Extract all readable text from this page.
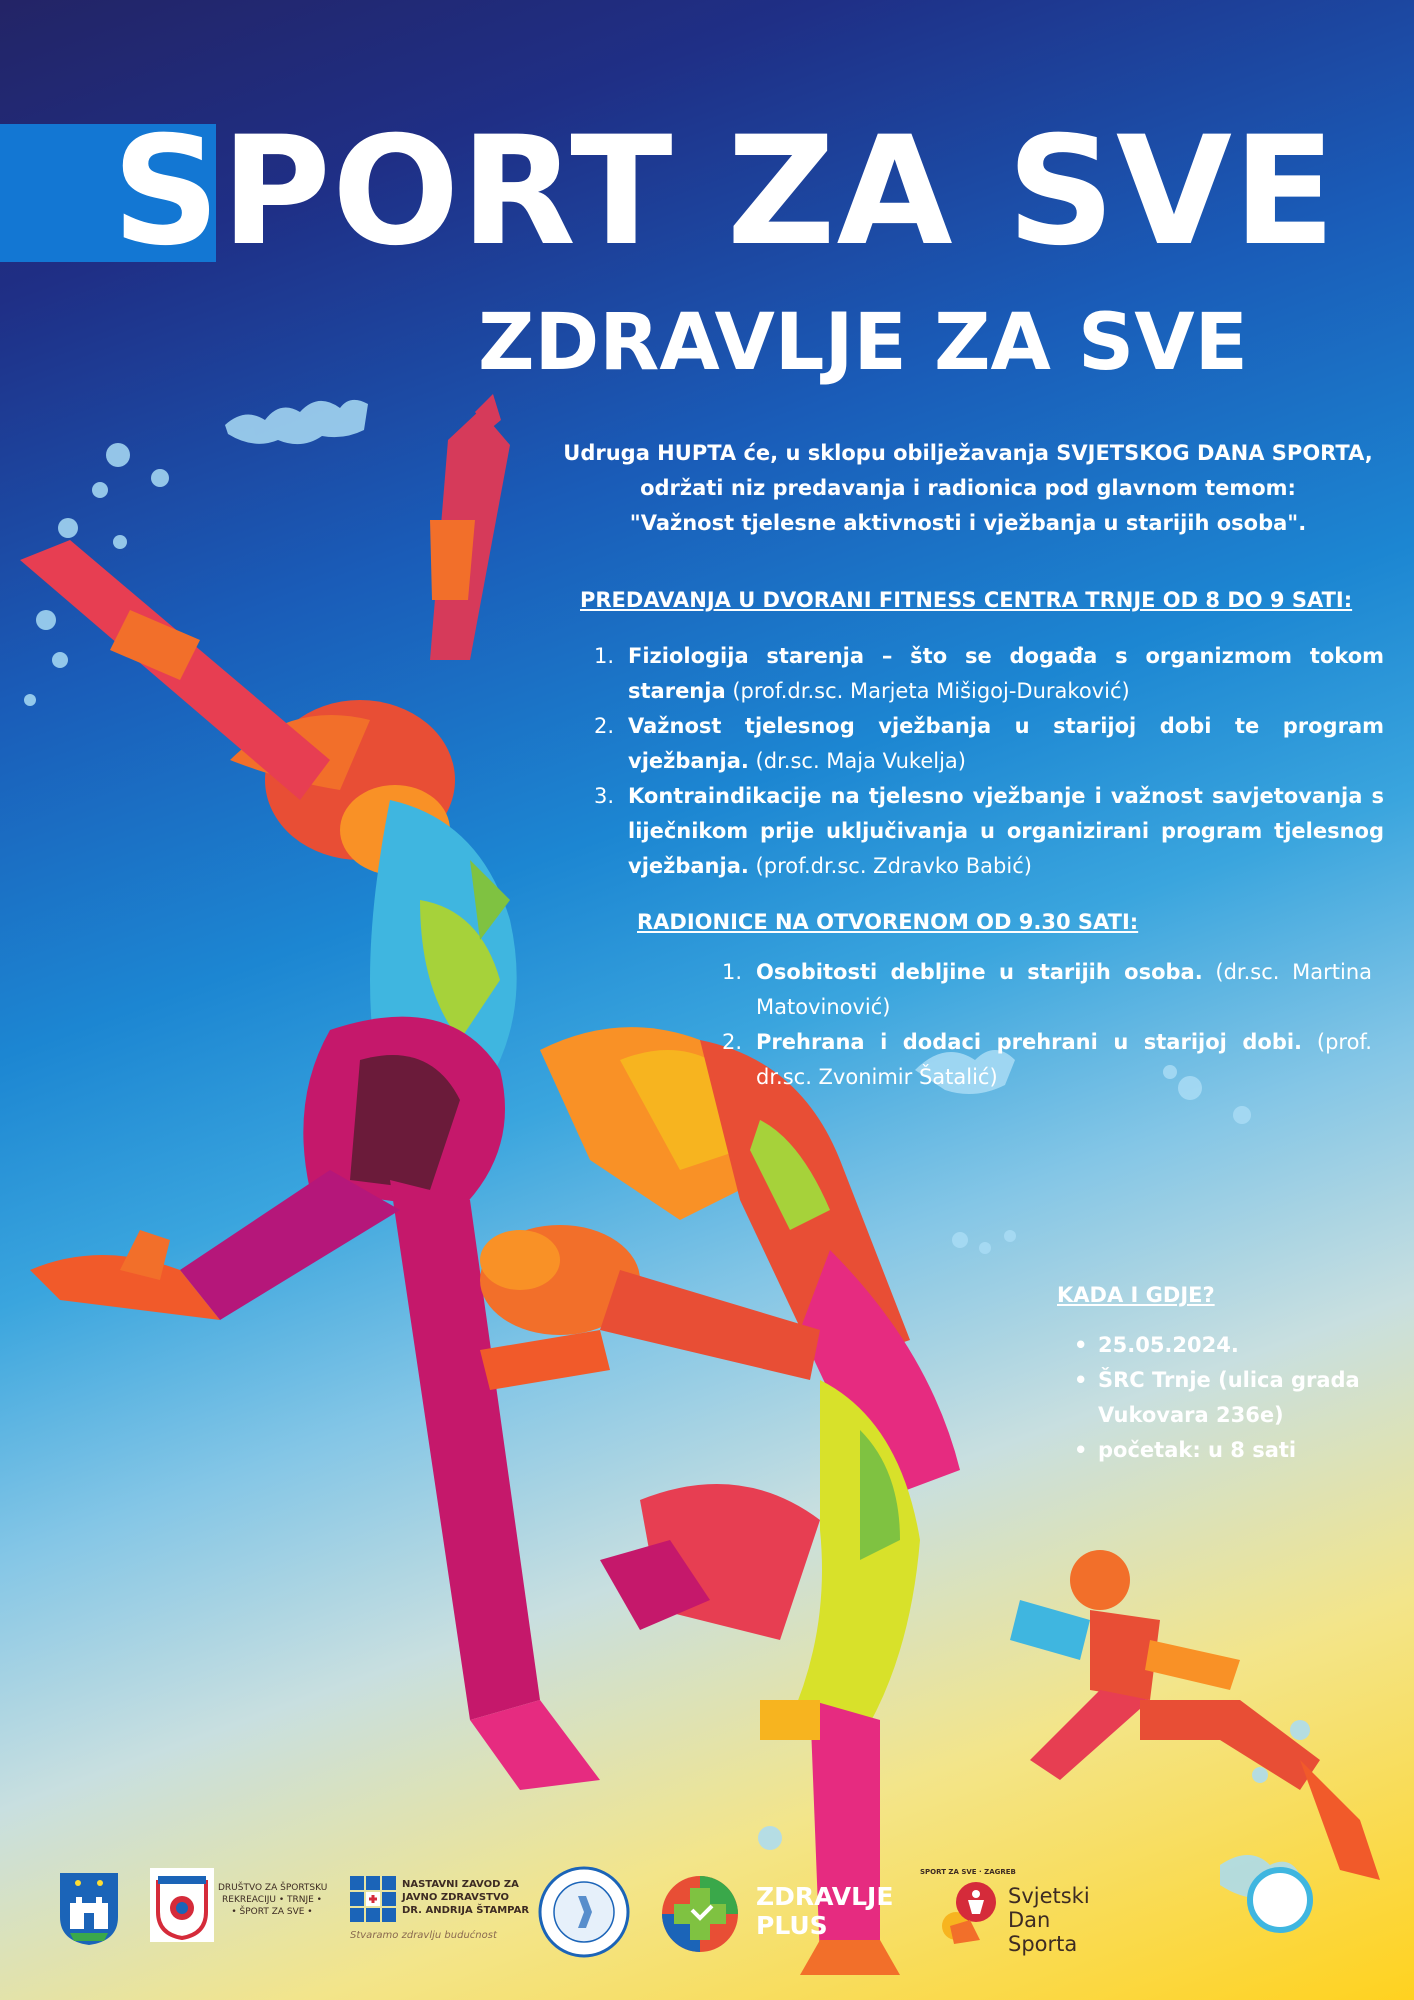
SPORT ZA SVE
ZDRAVLJE ZA SVE
Udruga HUPTA će, u sklopu obilježavanja SVJETSKOG DANA SPORTA,
održati niz predavanja i radionica pod glavnom temom:
"Važnost tjelesne aktivnosti i vježbanja u starijih osoba".
PREDAVANJA U DVORANI FITNESS CENTRA TRNJE OD 8 DO 9 SATI:
1. Fiziologija starenja – što se događa s organizmom tokom starenja (prof.dr.sc. Marjeta Mišigoj-Duraković)
2. Važnost tjelesnog vježbanja u starijoj dobi te program vježbanja. (dr.sc. Maja Vukelja)
3. Kontraindikacije na tjelesno vježbanje i važnost savjetovanja s liječnikom prije uključivanja u organizirani program tjelesnog vježbanja. (prof.dr.sc. Zdravko Babić)
RADIONICE NA OTVORENOM OD 9.30 SATI:
1. Osobitosti debljine u starijih osoba. (dr.sc. Martina Matovinović)
2. Prehrana i dodaci prehrani u starijoj dobi. (prof. dr.sc. Zvonimir Šatalić)
KADA I GDJE?
• 25.05.2024.
• ŠRC Trnje (ulica grada Vukovara 236e)
• početak: u 8 sati
DRUŠTVO ZA ŠPORTSKU
REKREACIJU • TRNJE •
• ŠPORT ZA SVE •
NASTAVNI ZAVOD ZA
JAVNO ZDRAVSTVO
DR. ANDRIJA ŠTAMPAR
Stvaramo zdravlju budućnost
ZDRAVLJE
PLUS
SPORT ZA SVE · ZAGREB
Svjetski
Dan
Sporta
